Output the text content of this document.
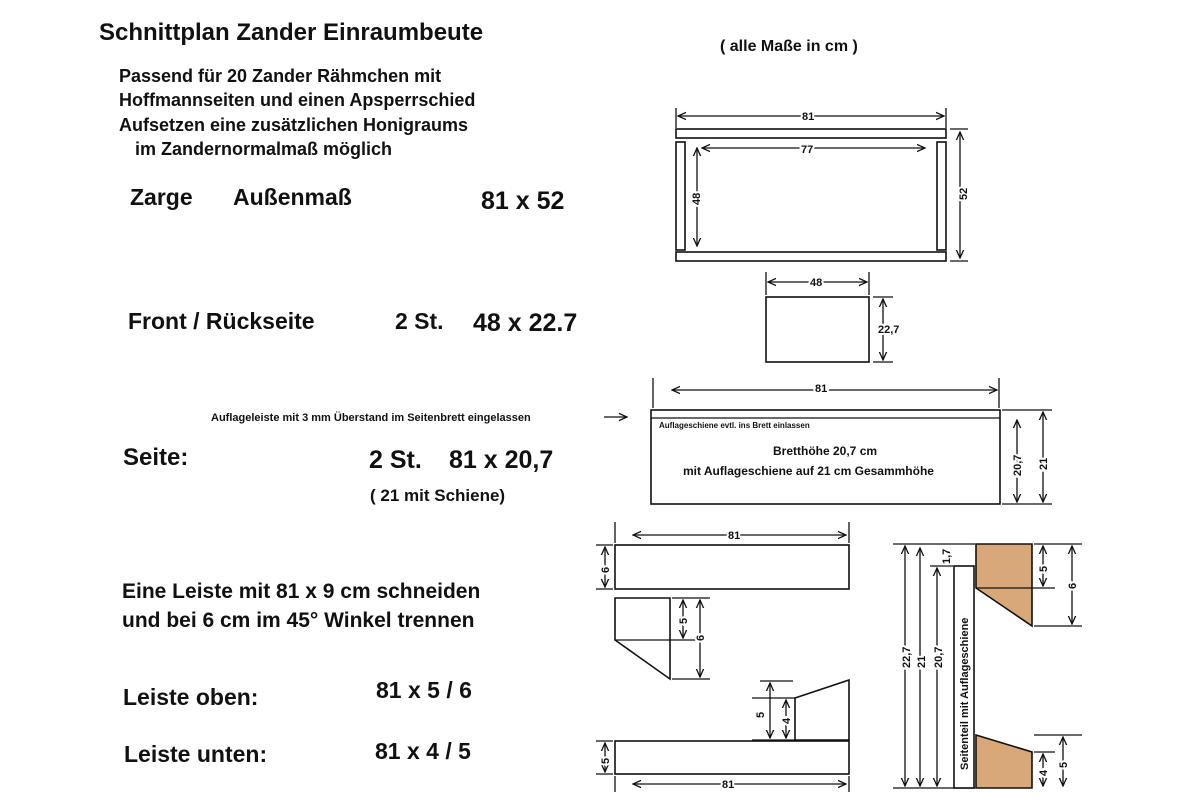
Schnittplan Zander Einraumbeute
( alle Maße in cm )
Passend für 20 Zander Rähmchen mit
Hoffmannseiten und einen Apsperrschied
Aufsetzen eine zusätzlichen Honigraums
im Zandernormalmaß möglich
Zarge Außenmaß	81 x 52
Front / Rückseite	2 St. 48 x 22.7
Seite:	2 St. 81 x 20,7
( 21 mit Schiene)
Eine Leiste mit 81 x 9 cm schneiden
und bei 6 cm im 45° Winkel trennen
Leiste oben:	81 x 5 / 6
Leiste unten:	81 x 4 / 5
81
77
48	52
48
22,7
81
Auflageschiene evtl. ins Brett einlassen
Bretthöhe 20,7 cm
mit Auflageschiene auf 21 cm Gesammhöhe
Auflageleiste mit 3 mm Überstand im Seitenbrett eingelassen
20,7 21
81
6
5
6
5
4
5
81
Seitenteil mit Auflageschiene
22,7 21 20,7
1,7
5
6
4
5
